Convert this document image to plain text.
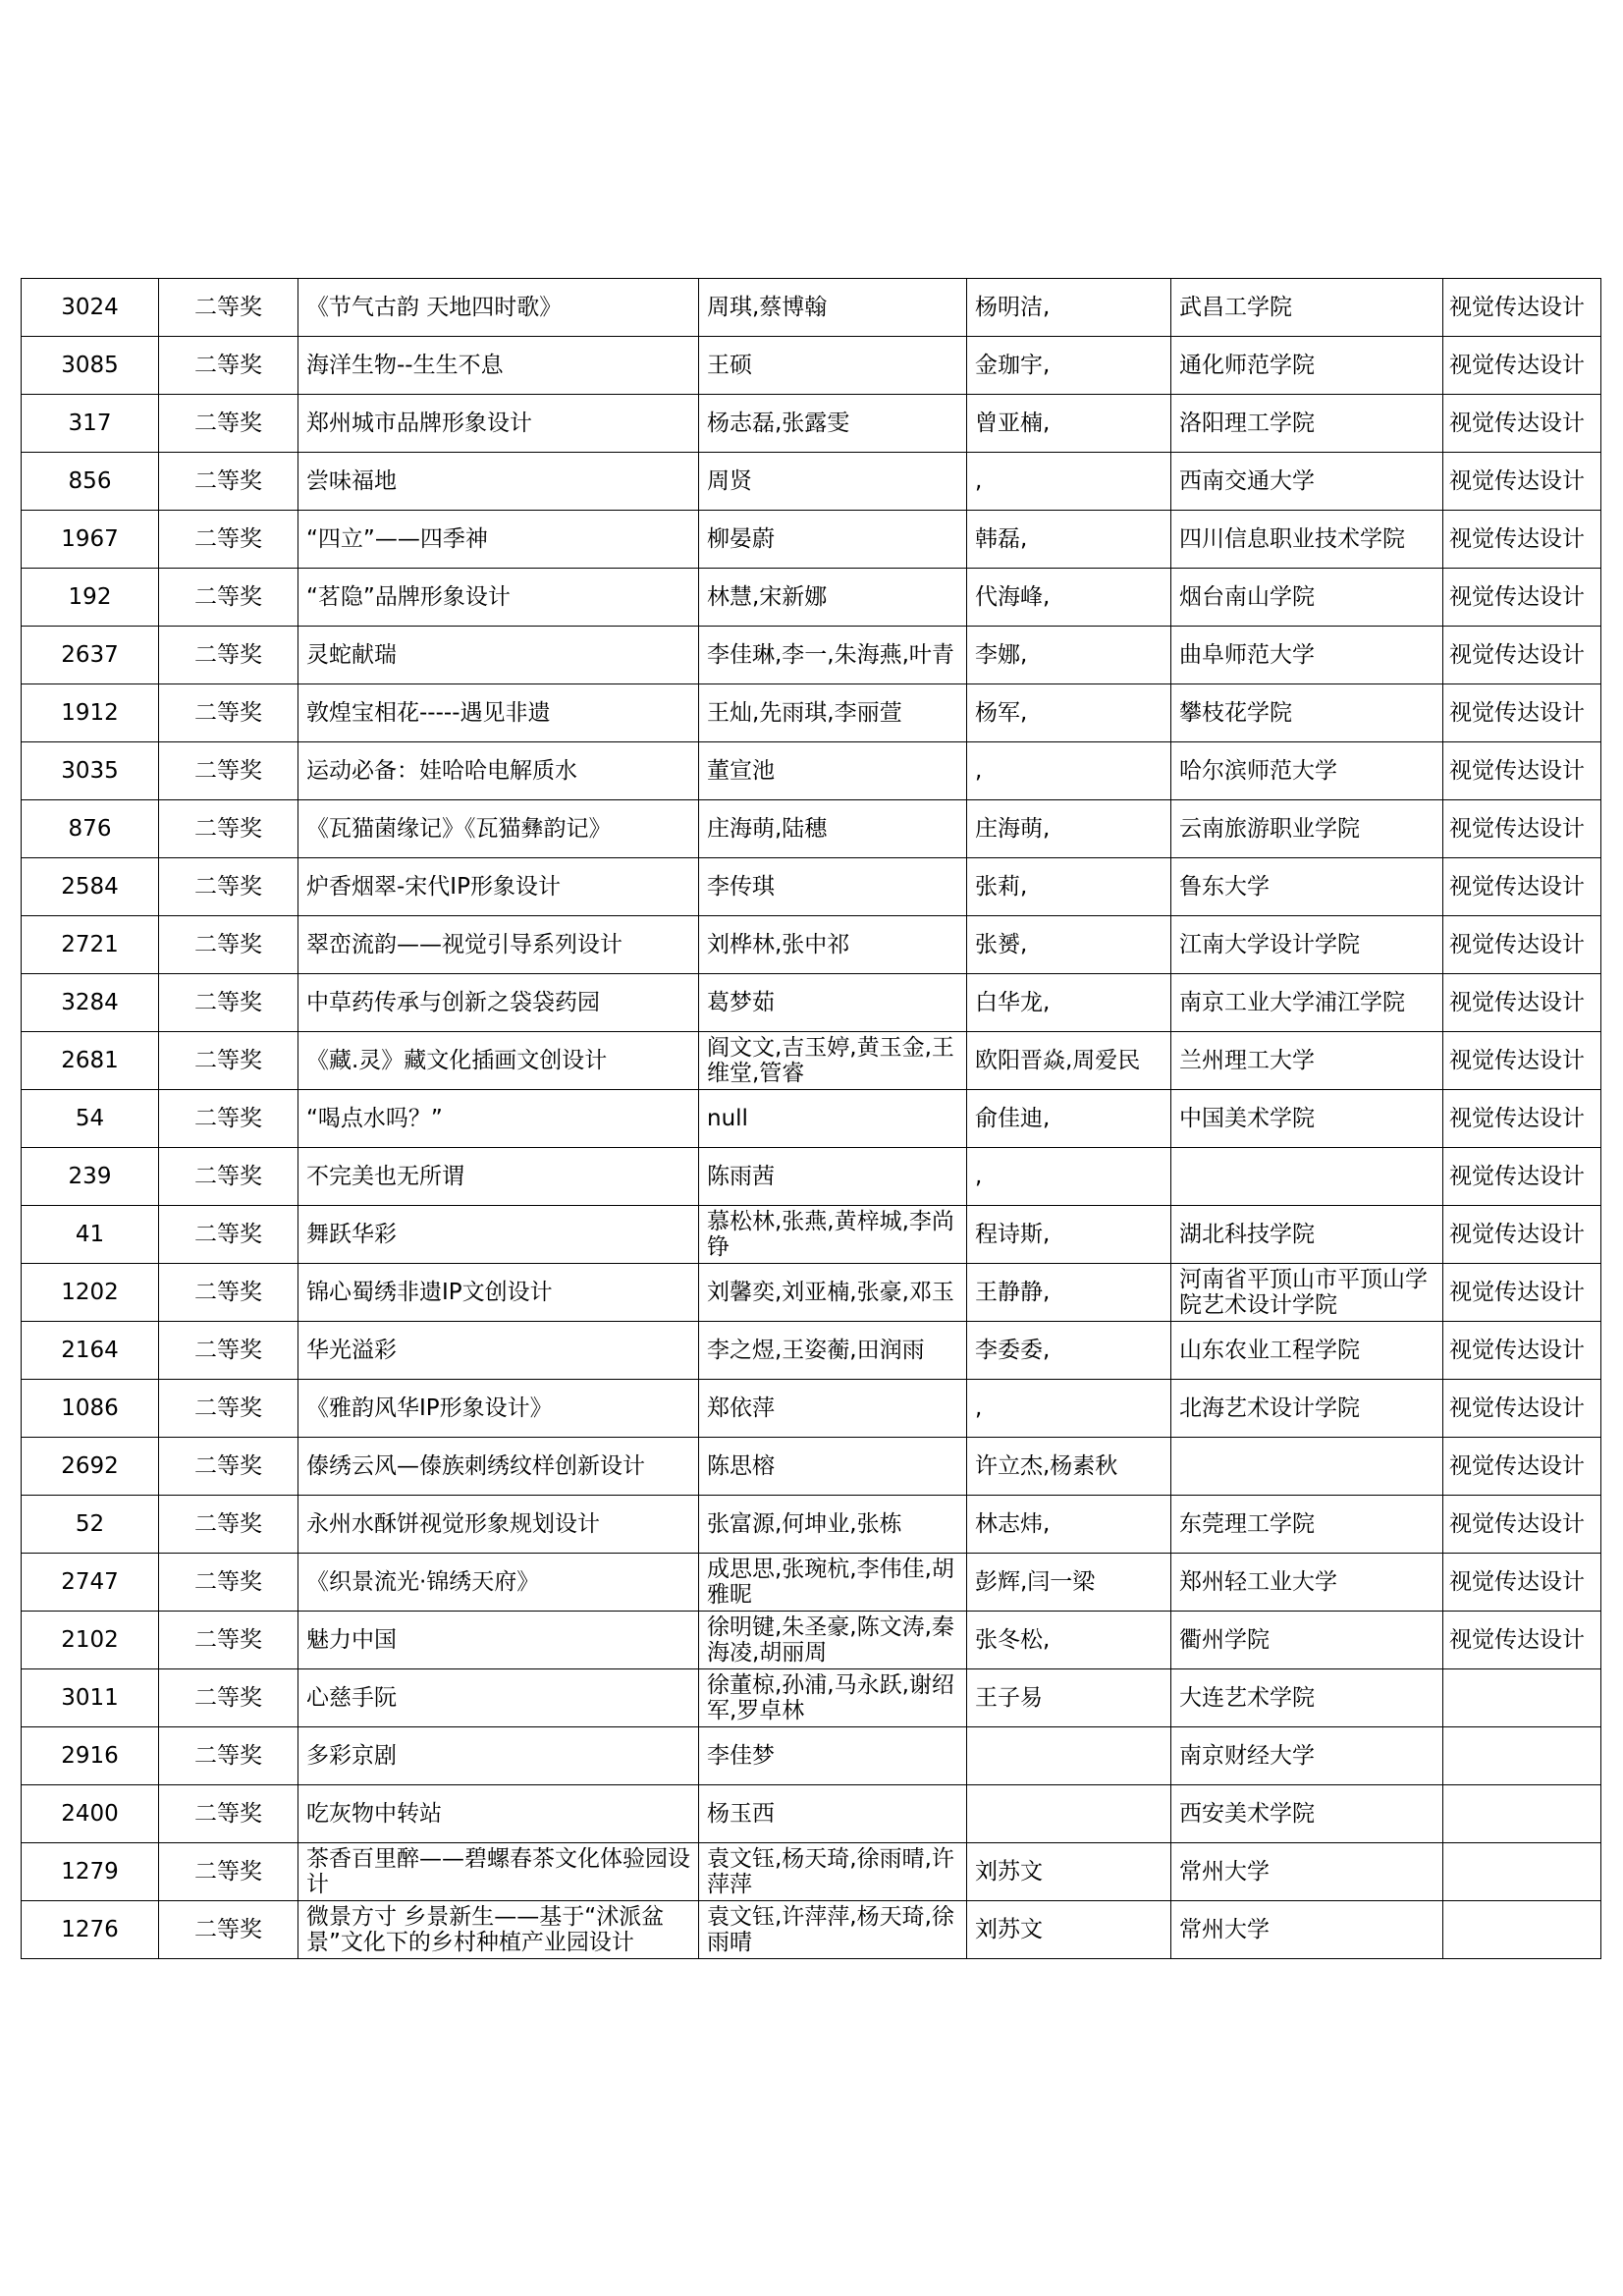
3024	二等奖	《节气古韵 天地四时歌》	周琪,蔡博翰	杨明洁,	武昌工学院	视觉传达设计
3085	二等奖	海洋生物--生生不息	王硕	金珈宇,	通化师范学院	视觉传达设计
317	二等奖	郑州城市品牌形象设计	杨志磊,张露雯	曾亚楠,	洛阳理工学院	视觉传达设计
856	二等奖	尝味福地	周贤	,	西南交通大学	视觉传达设计
1967	二等奖	“四立”——四季神	柳晏蔚	韩磊,	四川信息职业技术学院	视觉传达设计
192	二等奖	“茗隐”品牌形象设计	林慧,宋新娜	代海峰,	烟台南山学院	视觉传达设计
2637	二等奖	灵蛇献瑞	李佳琳,李一,朱海燕,叶青	李娜,	曲阜师范大学	视觉传达设计
1912	二等奖	敦煌宝相花-----遇见非遗	王灿,先雨琪,李丽萱	杨军,	攀枝花学院	视觉传达设计
3035	二等奖	运动必备：娃哈哈电解质水	董宣池	,	哈尔滨师范大学	视觉传达设计
876	二等奖	《瓦猫菌缘记》《瓦猫彝韵记》	庄海萌,陆穗	庄海萌,	云南旅游职业学院	视觉传达设计
2584	二等奖	炉香烟翠-宋代IP形象设计	李传琪	张莉,	鲁东大学	视觉传达设计
2721	二等奖	翠峦流韵——视觉引导系列设计	刘桦林,张中祁	张赟,	江南大学设计学院	视觉传达设计
3284	二等奖	中草药传承与创新之袋袋药园	葛梦茹	白华龙,	南京工业大学浦江学院	视觉传达设计
2681	二等奖	《藏.灵》藏文化插画文创设计	阎文文,吉玉婷,黄玉金,王维堂,管睿	欧阳晋焱,周爱民	兰州理工大学	视觉传达设计
54	二等奖	“喝点水吗？”	null	俞佳迪,	中国美术学院	视觉传达设计
239	二等奖	不完美也无所谓	陈雨茜	,		视觉传达设计
41	二等奖	舞跃华彩	慕松林,张燕,黄梓城,李尚铮	程诗斯,	湖北科技学院	视觉传达设计
1202	二等奖	锦心蜀绣非遗IP文创设计	刘馨奕,刘亚楠,张豪,邓玉	王静静,	河南省平顶山市平顶山学院艺术设计学院	视觉传达设计
2164	二等奖	华光溢彩	李之煜,王姿蘅,田润雨	李委委,	山东农业工程学院	视觉传达设计
1086	二等奖	《雅韵风华IP形象设计》	郑依萍	,	北海艺术设计学院	视觉传达设计
2692	二等奖	傣绣云风—傣族刺绣纹样创新设计	陈思榕	许立杰,杨素秋		视觉传达设计
52	二等奖	永州水酥饼视觉形象规划设计	张富源,何坤业,张栋	林志炜,	东莞理工学院	视觉传达设计
2747	二等奖	《织景流光·锦绣天府》	成思思,张琬杭,李伟佳,胡雅昵	彭辉,闫一梁	郑州轻工业大学	视觉传达设计
2102	二等奖	魅力中国	徐明键,朱圣豪,陈文涛,秦海凌,胡丽周	张冬松,	衢州学院	视觉传达设计
3011	二等奖	心慈手阮	徐董椋,孙浦,马永跃,谢绍军,罗卓林	王子易	大连艺术学院	
2916	二等奖	多彩京剧	李佳梦		南京财经大学	
2400	二等奖	吃灰物中转站	杨玉西		西安美术学院	
1279	二等奖	茶香百里醉——碧螺春茶文化体验园设计	袁文钰,杨天琦,徐雨晴,许萍萍	刘苏文	常州大学	
1276	二等奖	微景方寸 乡景新生——基于“沭派盆景”文化下的乡村种植产业园设计	袁文钰,许萍萍,杨天琦,徐雨晴	刘苏文	常州大学	
